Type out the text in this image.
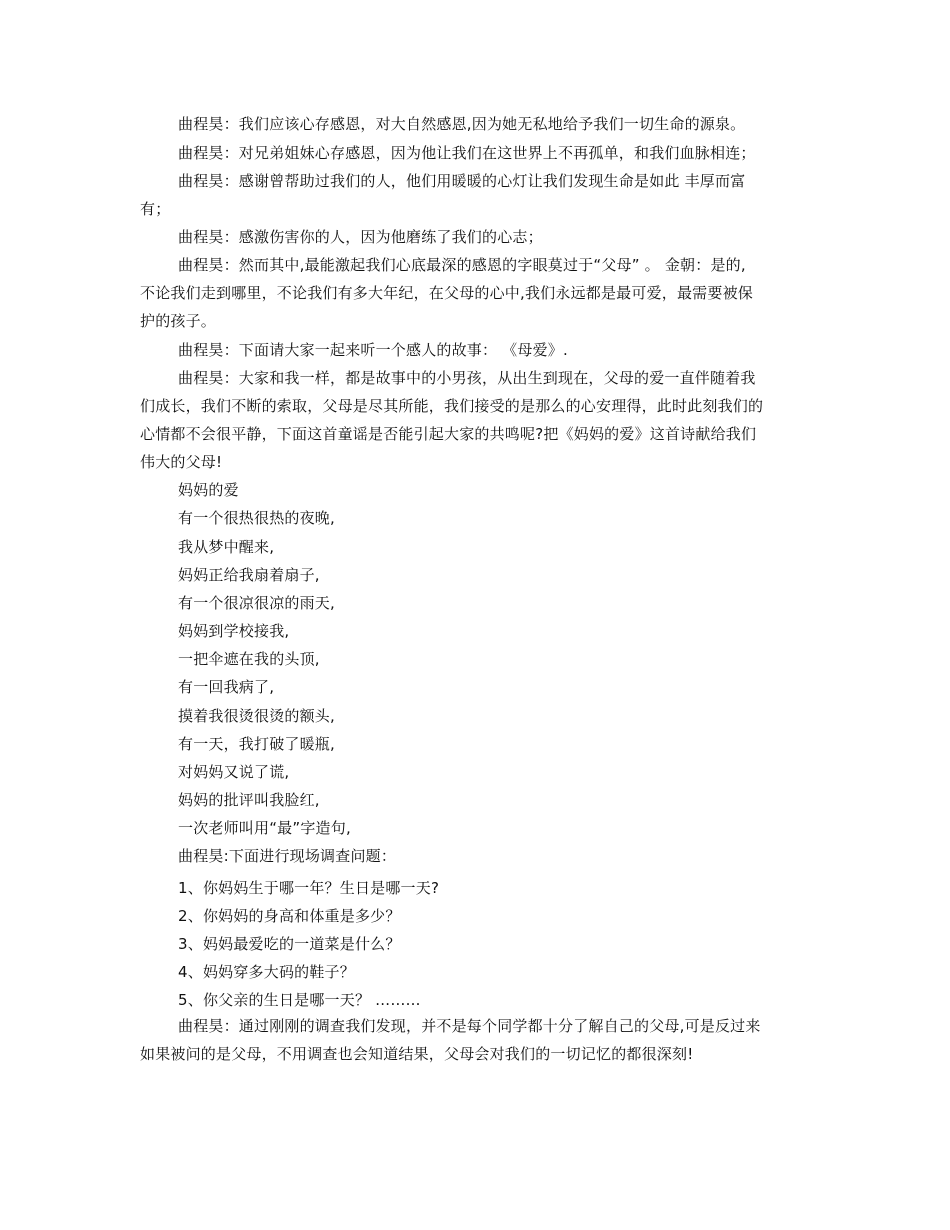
曲程昊：我们应该心存感恩，对大自然感恩,因为她无私地给予我们一切生命的源泉。
曲程昊：对兄弟姐妹心存感恩，因为他让我们在这世界上不再孤单，和我们血脉相连；
曲程昊：感谢曾帮助过我们的人，他们用暖暖的心灯让我们发现生命是如此 丰厚而富
有；
曲程昊：感激伤害你的人，因为他磨练了我们的心志；
曲程昊：然而其中,最能激起我们心底最深的感恩的字眼莫过于“父母” 。 金朝：是的,
不论我们走到哪里，不论我们有多大年纪，在父母的心中,我们永远都是最可爱，最需要被保
护的孩子。
曲程昊：下面请大家一起来听一个感人的故事： 《母爱》.
曲程昊：大家和我一样，都是故事中的小男孩，从出生到现在，父母的爱一直伴随着我
们成长，我们不断的索取，父母是尽其所能，我们接受的是那么的心安理得，此时此刻我们的
心情都不会很平静，下面这首童谣是否能引起大家的共鸣呢?把《妈妈的爱》这首诗献给我们
伟大的父母!
妈妈的爱
有一个很热很热的夜晚,
我从梦中醒来,
妈妈正给我扇着扇子,
有一个很凉很凉的雨天,
妈妈到学校接我,
一把伞遮在我的头顶,
有一回我病了,
摸着我很烫很烫的额头,
有一天，我打破了暖瓶,
对妈妈又说了谎,
妈妈的批评叫我脸红,
一次老师叫用“最”字造句,
曲程昊:下面进行现场调查问题：
1、你妈妈生于哪一年？生日是哪一天?
2、你妈妈的身高和体重是多少？
3、妈妈最爱吃的一道菜是什么？
4、妈妈穿多大码的鞋子？
5、你父亲的生日是哪一天？ ………
曲程昊：通过刚刚的调查我们发现，并不是每个同学都十分了解自己的父母,可是反过来
如果被问的是父母，不用调查也会知道结果，父母会对我们的一切记忆的都很深刻!
